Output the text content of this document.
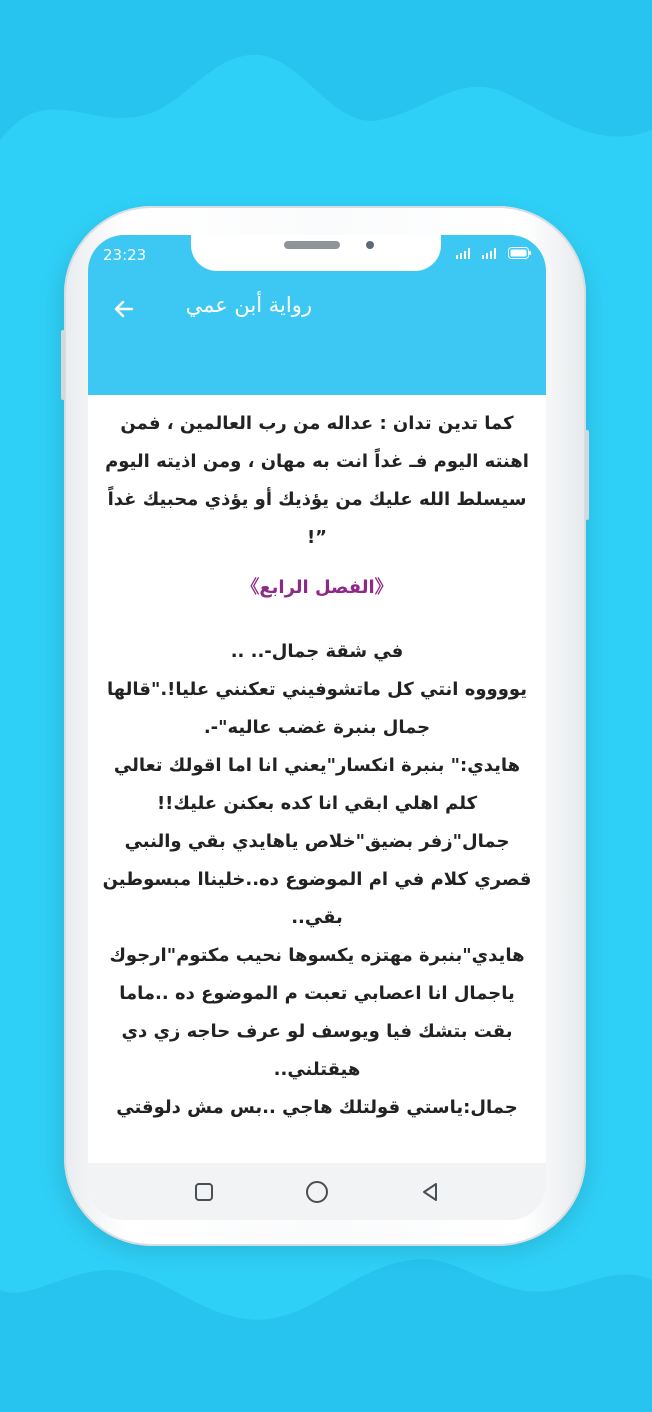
23:23
رواية أبن عمي

كما تدين تدان : عداله من رب العالمين ، فمن اهنته اليوم فـ غداً انت به مهان ، ومن اذيته اليوم سيسلط الله عليك من يؤذيك أو يؤذي محبيك غداً ”!

《الفصل الرابع》

في شقة جمال-.. ..

يووووه انتي كل ماتشوفيني تعكنني عليا!."قالها جمال بنبرة غضب عاليه"-.

هايدي:" بنبرة انكسار"يعني انا اما اقولك تعالي كلم اهلي ابقي انا كده بعكنن عليك!!

جمال"زفر بضيق"خلاص ياهايدي بقي والنبي قصري كلام في ام الموضوع ده..خليناا مبسوطين بقي..

هايدي"بنبرة مهتزه يكسوها نحيب مكتوم"ارجوك ياجمال انا اعصابي تعبت م الموضوع ده ..ماما بقت بتشك فيا ويوسف لو عرف حاجه زي دي هيقتلني..

جمال:ياستي قولتلك هاجي ..بس مش دلوقتي
